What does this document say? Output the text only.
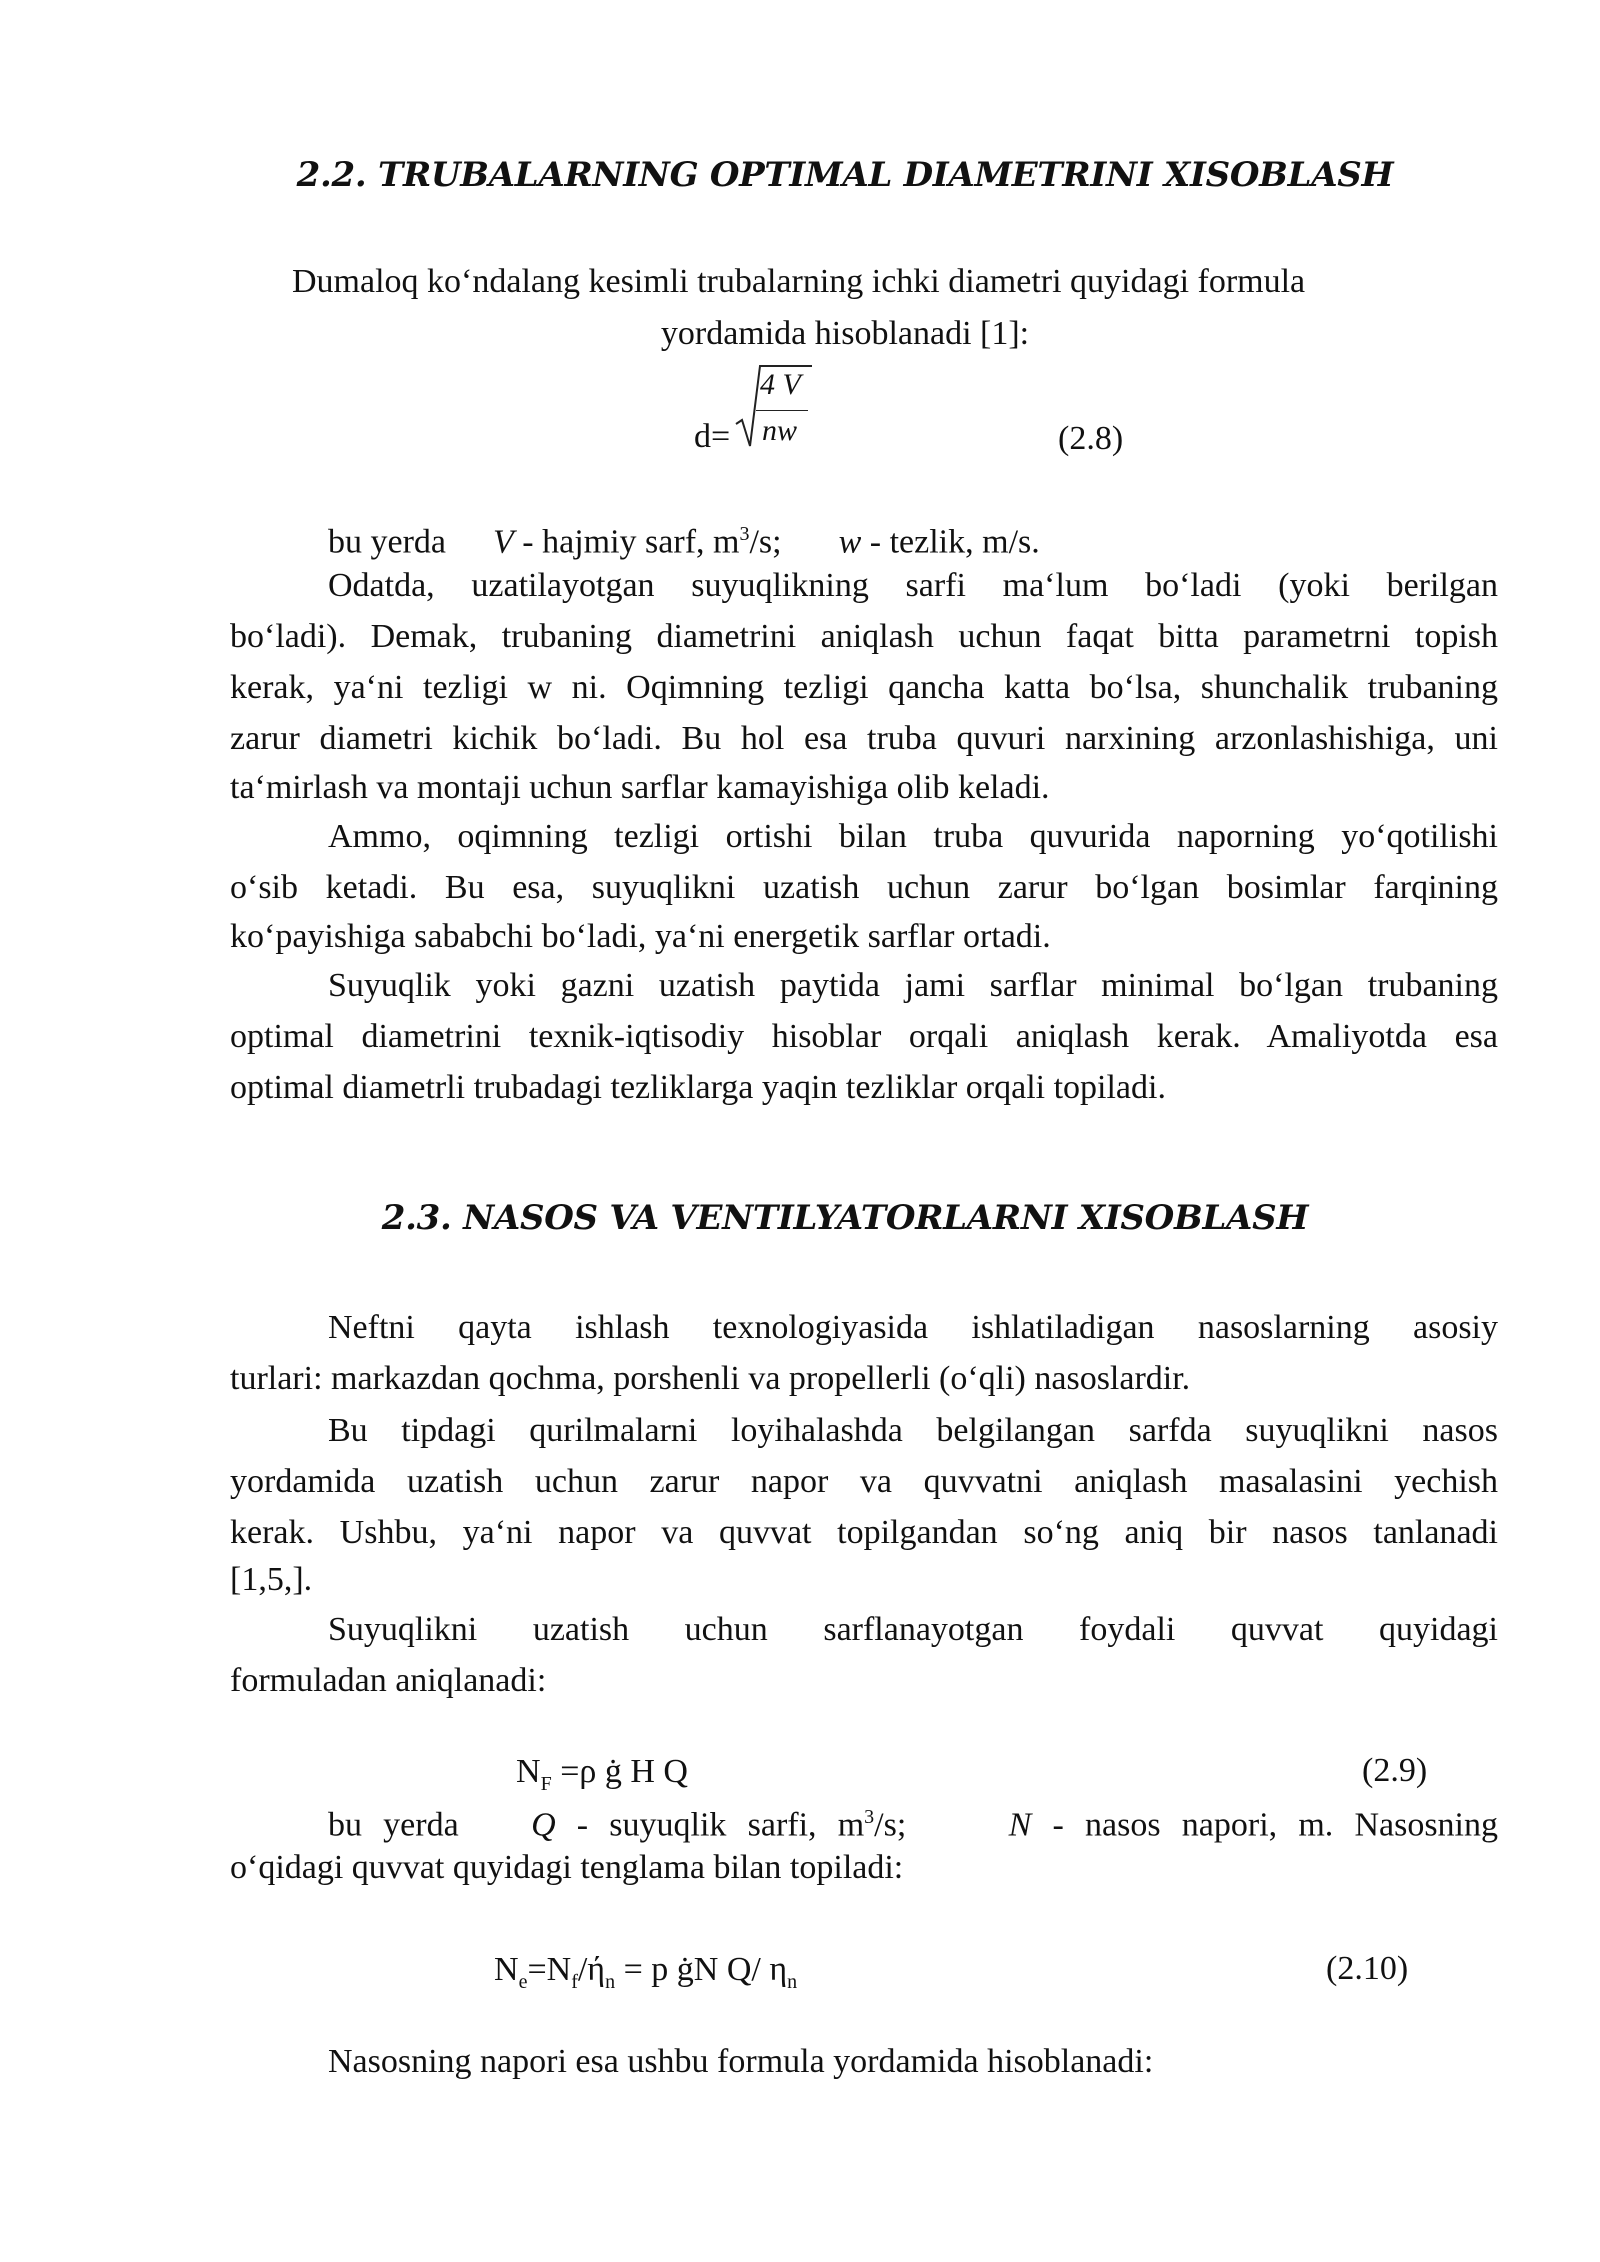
2.2. TRUBALARNING OPTIMAL DIAMETRINI XISOBLASH
Dumaloq ko‘ndalang kesimli trubalarning ichki diametri quyidagi formula
yordamida hisoblanadi [1]:
d=
4 V
nw	(2.8)
bu yerda V - hajmiy sarf, $m^3/s$; w - tezlik, m/s.
Odatda, uzatilayotgan suyuqlikning sarfi ma‘lum bo‘ladi (yoki berilgan
bo‘ladi). Demak, trubaning diametrini aniqlash uchun faqat bitta parametrni topish
kerak, ya‘ni tezligi w ni. Oqimning tezligi qancha katta bo‘lsa, shunchalik trubaning
zarur diametri kichik bo‘ladi. Bu hol esa truba quvuri narxining arzonlashishiga, uni
ta‘mirlash va montaji uchun sarflar kamayishiga olib keladi.
Ammo, oqimning tezligi ortishi bilan truba quvurida naporning yo‘qotilishi
o‘sib ketadi. Bu esa, suyuqlikni uzatish uchun zarur bo‘lgan bosimlar farqining
ko‘payishiga sababchi bo‘ladi, ya‘ni energetik sarflar ortadi.
Suyuqlik yoki gazni uzatish paytida jami sarflar minimal bo‘lgan trubaning
optimal diametrini texnik-iqtisodiy hisoblar orqali aniqlash kerak. Amaliyotda esa
optimal diametrli trubadagi tezliklarga yaqin tezliklar orqali topiladi.
2.3. NASOS VA VENTILYATORLARNI XISOBLASH
Neftni qayta ishlash texnologiyasida ishlatiladigan nasoslarning asosiy
turlari: markazdan qochma, porshenli va propellerli (o‘qli) nasoslardir.
Bu tipdagi qurilmalarni loyihalashda belgilangan sarfda suyuqlikni nasos
yordamida uzatish uchun zarur napor va quvvatni aniqlash masalasini yechish
kerak. Ushbu, ya‘ni napor va quvvat topilgandan so‘ng aniq bir nasos tanlanadi
[1,5,].
Suyuqlikni uzatish uchun sarflanayotgan foydali quvvat quyidagi
formuladan aniqlanadi:
$N_F =\rho$ ġ H Q	(2.9)
bu yerda Q - suyuqlik sarfi, $m^3/s$;	N - nasos napori, m. Nasosning
o‘qidagi quvvat quyidagi tenglama bilan topiladi:
$N_e=N_f/ή_n = p$ ġN Q/ $\eta_n$	(2.10)
Nasosning napori esa ushbu formula yordamida hisoblanadi:
